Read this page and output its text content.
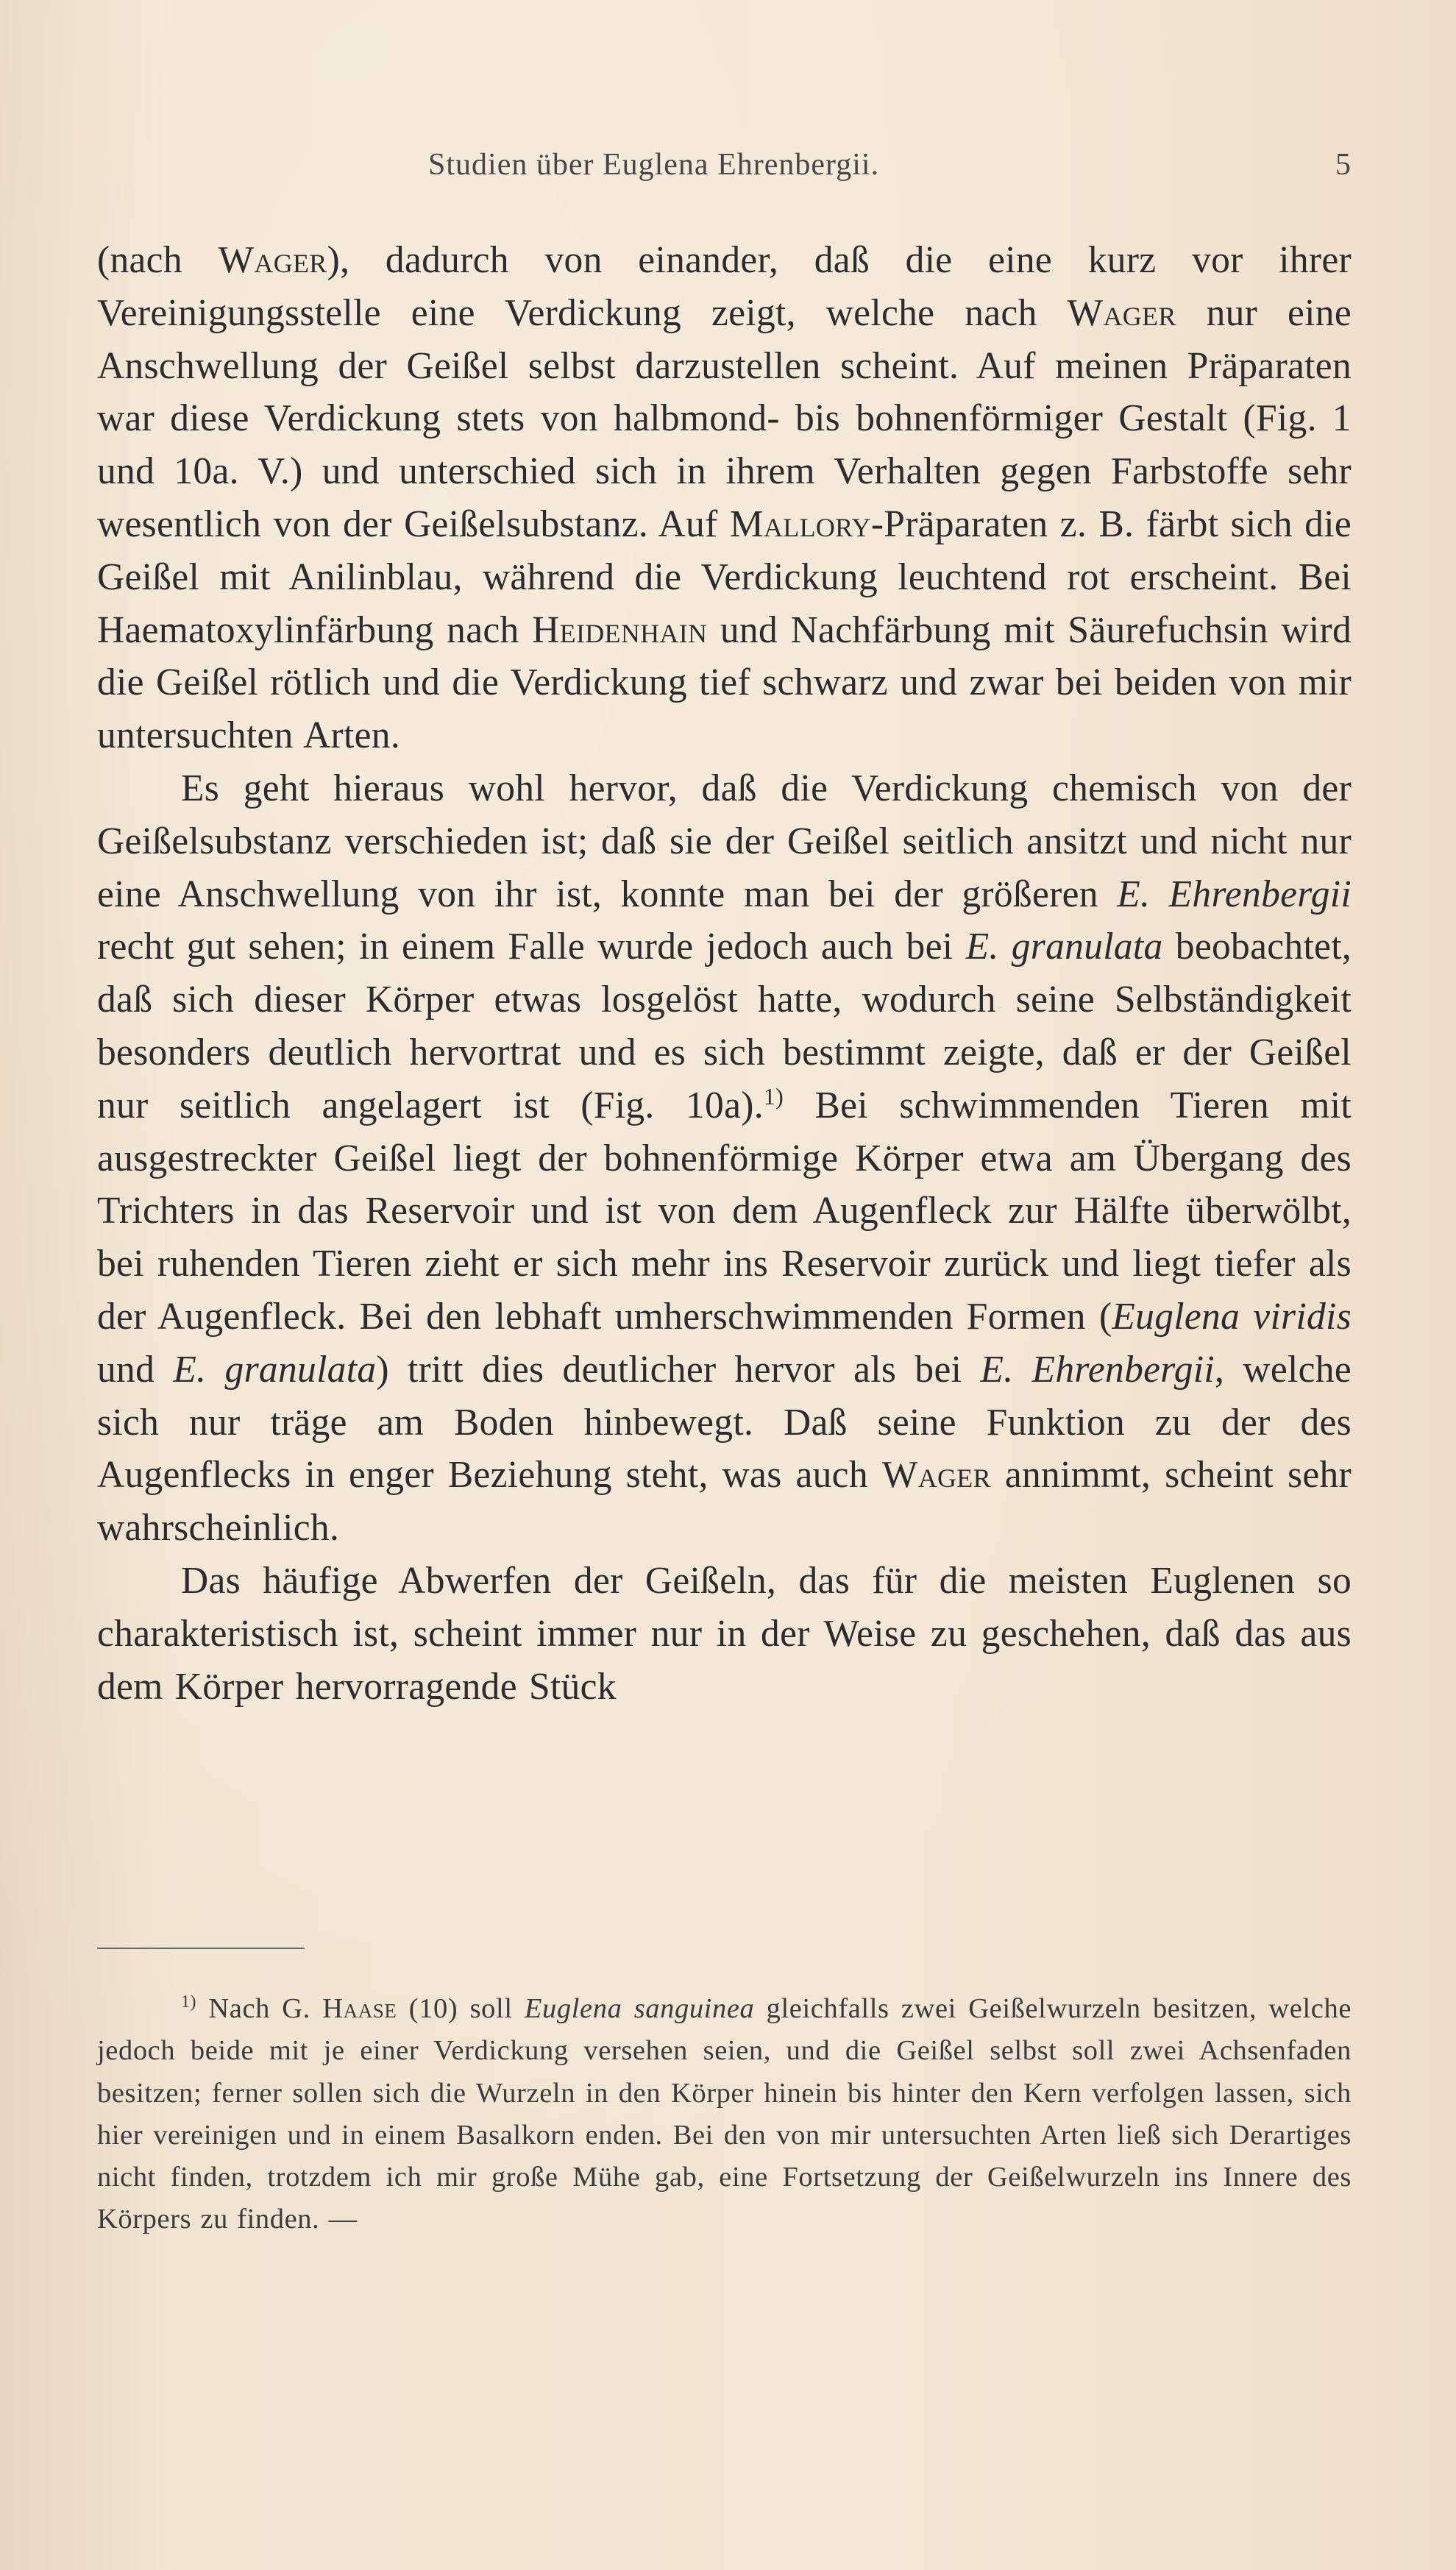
Studien über Euglena Ehrenbergii.	5

(nach Wager), dadurch von einander, daß die eine kurz vor ihrer Vereinigungsstelle eine Verdickung zeigt, welche nach Wager nur eine Anschwellung der Geißel selbst darzustellen scheint. Auf meinen Präparaten war diese Verdickung stets von halbmond- bis bohnenförmiger Gestalt (Fig. 1 und 10a. V.) und unterschied sich in ihrem Verhalten gegen Farbstoffe sehr wesentlich von der Geißelsubstanz. Auf Mallory-Präparaten z. B. färbt sich die Geißel mit Anilinblau, während die Verdickung leuchtend rot erscheint. Bei Haematoxylinfärbung nach Heidenhain und Nachfärbung mit Säurefuchsin wird die Geißel rötlich und die Verdickung tief schwarz und zwar bei beiden von mir untersuchten Arten.

Es geht hieraus wohl hervor, daß die Verdickung chemisch von der Geißelsubstanz verschieden ist; daß sie der Geißel seitlich ansitzt und nicht nur eine Anschwellung von ihr ist, konnte man bei der größeren E. Ehrenbergii recht gut sehen; in einem Falle wurde jedoch auch bei E. granulata beobachtet, daß sich dieser Körper etwas losgelöst hatte, wodurch seine Selbständigkeit besonders deutlich hervortrat und es sich bestimmt zeigte, daß er der Geißel nur seitlich angelagert ist (Fig. 10a).$^{1)}$ Bei schwimmenden Tieren mit ausgestreckter Geißel liegt der bohnenförmige Körper etwa am Übergang des Trichters in das Reservoir und ist von dem Augenfleck zur Hälfte überwölbt, bei ruhenden Tieren zieht er sich mehr ins Reservoir zurück und liegt tiefer als der Augenfleck. Bei den lebhaft umherschwimmenden Formen (Euglena viridis und E. granulata) tritt dies deutlicher hervor als bei E. Ehrenbergii, welche sich nur träge am Boden hinbewegt. Daß seine Funktion zu der des Augenflecks in enger Beziehung steht, was auch Wager annimmt, scheint sehr wahrscheinlich.

Das häufige Abwerfen der Geißeln, das für die meisten Euglenen so charakteristisch ist, scheint immer nur in der Weise zu geschehen, daß das aus dem Körper hervorragende Stück

$^{1)}$ Nach G. Haase (10) soll Euglena sanguinea gleichfalls zwei Geißelwurzeln besitzen, welche jedoch beide mit je einer Verdickung versehen seien, und die Geißel selbst soll zwei Achsenfaden besitzen; ferner sollen sich die Wurzeln in den Körper hinein bis hinter den Kern verfolgen lassen, sich hier vereinigen und in einem Basalkorn enden. Bei den von mir untersuchten Arten ließ sich Derartiges nicht finden, trotzdem ich mir große Mühe gab, eine Fortsetzung der Geißelwurzeln ins Innere des Körpers zu finden. —
